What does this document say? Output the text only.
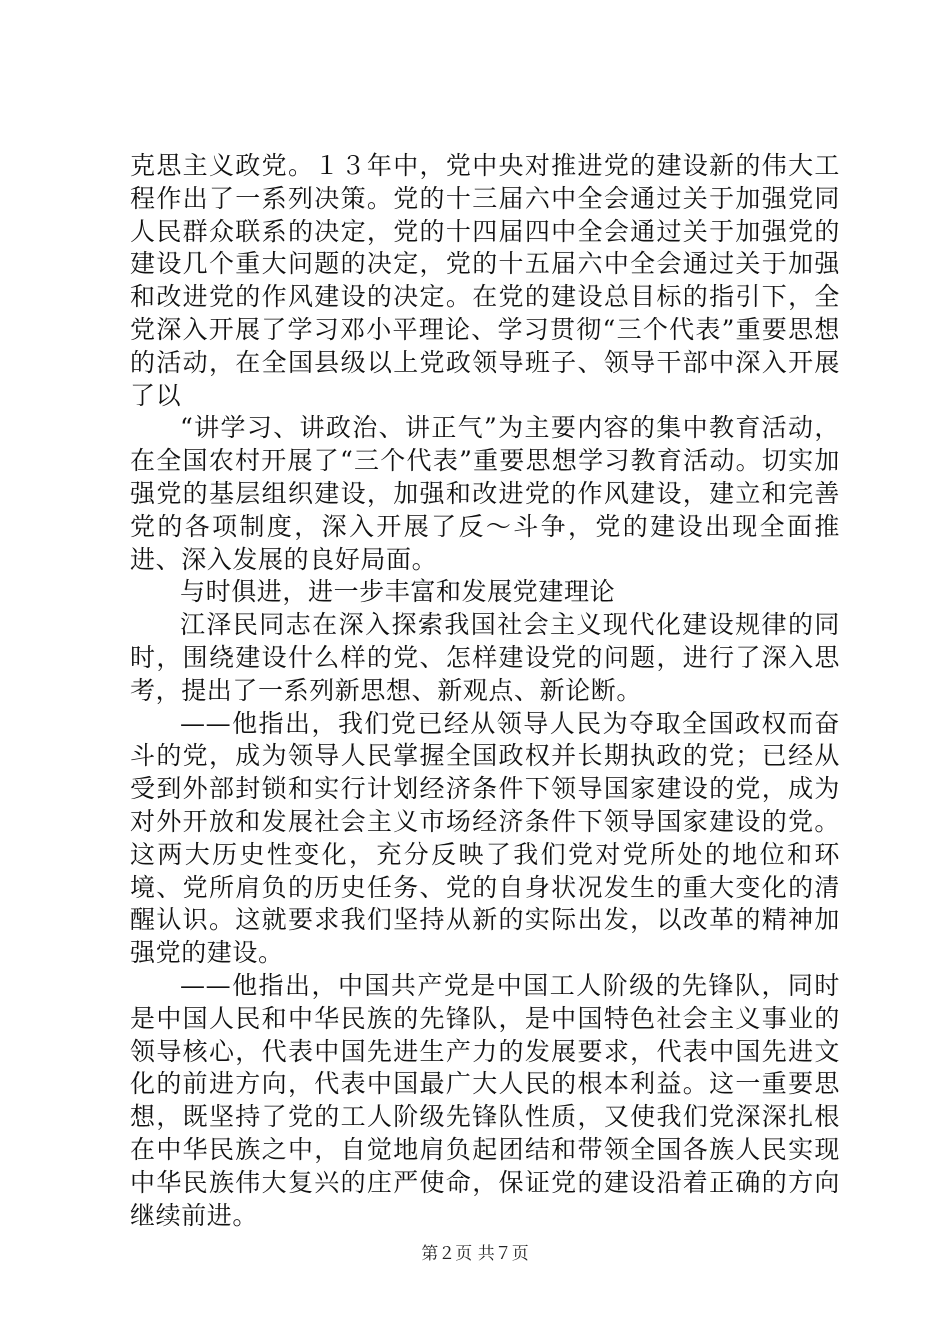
克思主义政党。１３年中，党中央对推进党的建设新的伟大工程作出了一系列决策。党的十三届六中全会通过关于加强党同人民群众联系的决定，党的十四届四中全会通过关于加强党的建设几个重大问题的决定，党的十五届六中全会通过关于加强和改进党的作风建设的决定。在党的建设总目标的指引下，全党深入开展了学习邓小平理论、学习贯彻“三个代表”重要思想的活动，在全国县级以上党政领导班子、领导干部中深入开展了以

“讲学习、讲政治、讲正气”为主要内容的集中教育活动，在全国农村开展了“三个代表”重要思想学习教育活动。切实加强党的基层组织建设，加强和改进党的作风建设，建立和完善党的各项制度，深入开展了反～斗争，党的建设出现全面推进、深入发展的良好局面。

与时俱进，进一步丰富和发展党建理论

江泽民同志在深入探索我国社会主义现代化建设规律的同时，围绕建设什么样的党、怎样建设党的问题，进行了深入思考，提出了一系列新思想、新观点、新论断。

——他指出，我们党已经从领导人民为夺取全国政权而奋斗的党，成为领导人民掌握全国政权并长期执政的党；已经从受到外部封锁和实行计划经济条件下领导国家建设的党，成为对外开放和发展社会主义市场经济条件下领导国家建设的党。这两大历史性变化，充分反映了我们党对党所处的地位和环境、党所肩负的历史任务、党的自身状况发生的重大变化的清醒认识。这就要求我们坚持从新的实际出发，以改革的精神加强党的建设。

——他指出，中国共产党是中国工人阶级的先锋队，同时是中国人民和中华民族的先锋队，是中国特色社会主义事业的领导核心，代表中国先进生产力的发展要求，代表中国先进文化的前进方向，代表中国最广大人民的根本利益。这一重要思想，既坚持了党的工人阶级先锋队性质，又使我们党深深扎根在中华民族之中，自觉地肩负起团结和带领全国各族人民实现中华民族伟大复兴的庄严使命，保证党的建设沿着正确的方向继续前进。

第２页 共７页
